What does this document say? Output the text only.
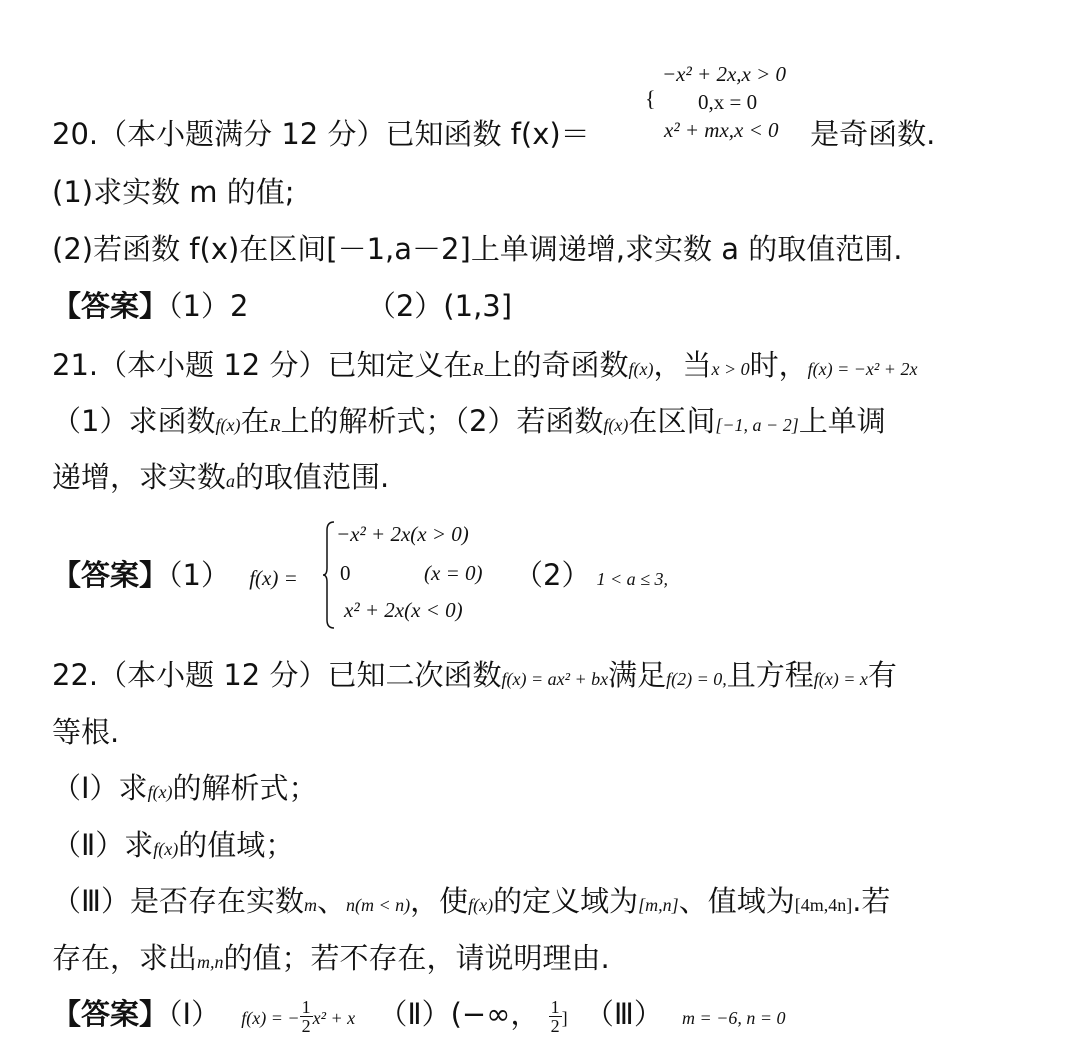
−x² + 2x,x > 0
0,x = 0
x² + mx,x < 0
{
20.（本小题满分 12 分）已知函数 f(x)＝	是奇函数.
(1)求实数 m 的值;
(2)若函数 f(x)在区间[－1,a－2]上单调递增,求实数 a 的取值范围.
【答案】（1）2	（2）(1,3]
21.（本小题 12 分）已知定义在R上的奇函数f(x)，当x > 0时，f(x) = −x² + 2x
（1）求函数f(x)在R上的解析式；（2）若函数f(x)在区间[−1, a − 2]上单调
递增，求实数a的取值范围.
【答案】（1） f(x) =
−x² + 2x(x > 0)
0	(x = 0)
x² + 2x(x < 0)
（2） 1 < a ≤ 3,
22.（本小题 12 分）已知二次函数f(x) = ax² + bx满足f(2) = 0,且方程f(x) = x有
等根.
（Ⅰ）求f(x)的解析式；
（Ⅱ）求f(x)的值域；
（Ⅲ）是否存在实数m、n(m < n)，使f(x)的定义域为[m,n]、值域为[4m,4n].若
存在，求出m,n的值；若不存在，请说明理由.
【答案】（Ⅰ） f(x) = − $\frac{1}{2} x^2 + x$ （Ⅱ）(−∞， $\frac{1}{2}$ ] （Ⅲ） m = −6, n = 0
